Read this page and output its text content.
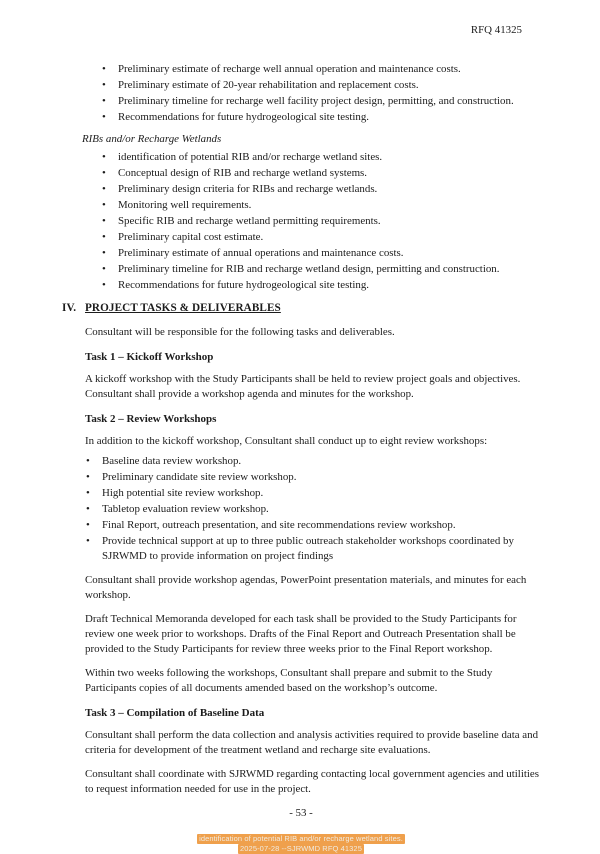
RFQ 41325
• Preliminary estimate of recharge well annual operation and maintenance costs.
• Preliminary estimate of 20-year rehabilitation and replacement costs.
• Preliminary timeline for recharge well facility project design, permitting, and construction.
• Recommendations for future hydrogeological site testing.

RIBs and/or Recharge Wetlands

• identification of potential RIB and/or recharge wetland sites.
• Conceptual design of RIB and recharge wetland systems.
• Preliminary design criteria for RIBs and recharge wetlands.
• Monitoring well requirements.
• Specific RIB and recharge wetland permitting requirements.
• Preliminary capital cost estimate.
• Preliminary estimate of annual operations and maintenance costs.
• Preliminary timeline for RIB and recharge wetland design, permitting and construction.
• Recommendations for future hydrogeological site testing.
IV. PROJECT TASKS & DELIVERABLES

Consultant will be responsible for the following tasks and deliverables.

Task 1 – Kickoff Workshop

A kickoff workshop with the Study Participants shall be held to review project goals and objectives. Consultant shall provide a workshop agenda and minutes for the workshop.

Task 2 – Review Workshops

In addition to the kickoff workshop, Consultant shall conduct up to eight review workshops:

• Baseline data review workshop.
• Preliminary candidate site review workshop.
• High potential site review workshop.
• Tabletop evaluation review workshop.
• Final Report, outreach presentation, and site recommendations review workshop.
• Provide technical support at up to three public outreach stakeholder workshops coordinated by SJRWMD to provide information on project findings

Consultant shall provide workshop agendas, PowerPoint presentation materials, and minutes for each workshop.

Draft Technical Memoranda developed for each task shall be provided to the Study Participants for review one week prior to workshops. Drafts of the Final Report and Outreach Presentation shall be provided to the Study Participants for review three weeks prior to the Final Report workshop.

Within two weeks following the workshops, Consultant shall prepare and submit to the Study Participants copies of all documents amended based on the workshop’s outcome.

Task 3 – Compilation of Baseline Data

Consultant shall perform the data collection and analysis activities required to provide baseline data and criteria for development of the treatment wetland and recharge site evaluations.

Consultant shall coordinate with SJRWMD regarding contacting local government agencies and utilities to request information needed for use in the project.

- 53 -
identification of potential RIB and/or recharge wetland sites.
2025-07-28 --SJRWMD RFQ 41325
